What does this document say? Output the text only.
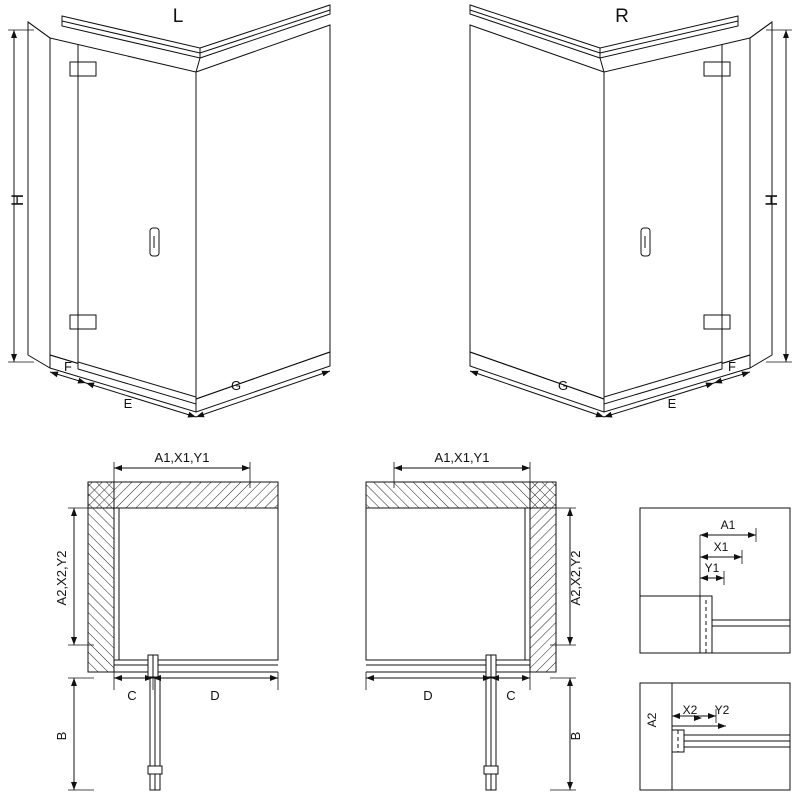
H
F
E
G
L
H
F
E
G
R
A1,X1,Y1
A2,X2,Y2
C	D
B
A1,X1,Y1
A2,X2,Y2
D	C
B
A1
X1
Y1
A2
X2 Y2
